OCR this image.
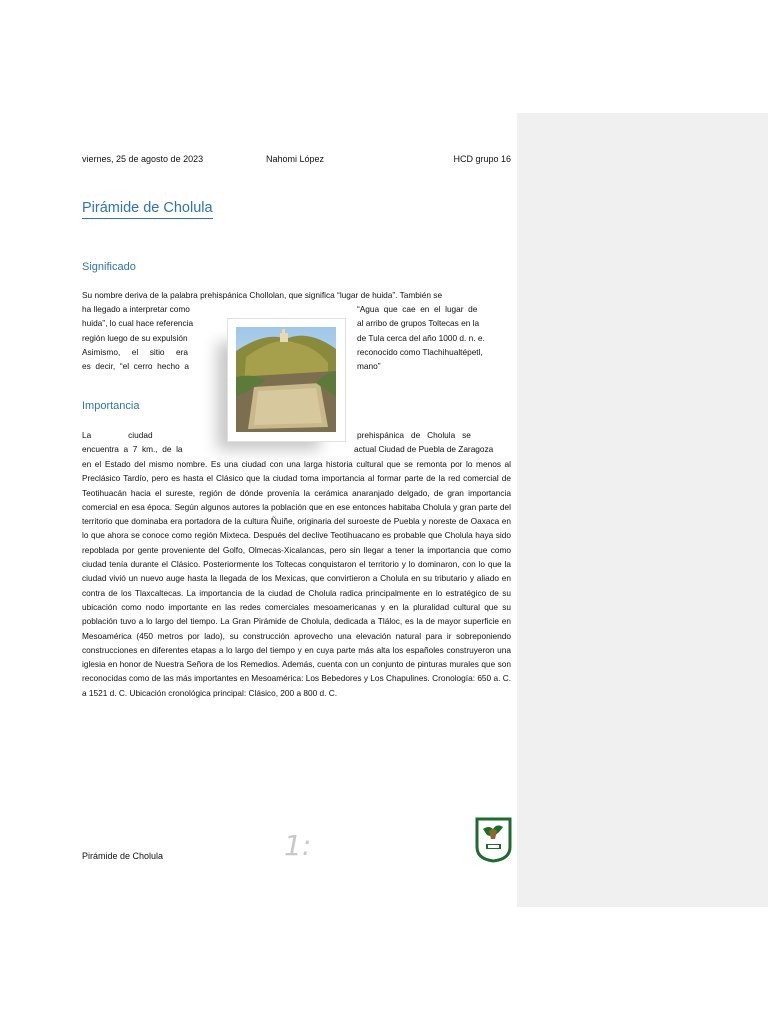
viernes, 25 de agosto de 2023	Nahomi López	HCD grupo 16
Pirámide de Cholula
Significado
Su nombre deriva de la palabra prehispánica Chollolan, que significa “lugar de huida”. También se
ha llegado a interpretar como
huida”, lo cual hace referencia
región luego de su expulsión
Asimismo,     el     sitio     era
es  decir,  “el  cerro  hecho  a
“Agua  que  cae  en  el  lugar  de
al arribo de grupos Toltecas en la
de Tula cerca del año 1000 d. n. e.
reconocido como Tlachihualtépetl,
mano”
Importancia
La                ciudad	prehispánica   de   Cholula   se
encuentra  a  7  km.,  de  la	actual Ciudad de Puebla de Zaragoza
en el Estado del mismo nombre. Es una ciudad con una larga historia cultural que se remonta por lo menos al Preclásico Tardío, pero es hasta el Clásico que la ciudad toma importancia al formar parte de la red comercial de Teotihuacán hacia el sureste, región de dónde provenía la cerámica anaranjado delgado, de gran importancia comercial en esa época. Según algunos autores la población que en ese entonces habitaba Cholula y gran parte del territorio que dominaba era portadora de la cultura Ñuiñe, originaria del suroeste de Puebla y noreste de Oaxaca en lo que ahora se conoce como región Mixteca. Después del declive Teotihuacano es probable que Cholula haya sido repoblada por gente proveniente del Golfo, Olmecas-Xicalancas, pero sin llegar a tener la importancia que como ciudad tenía durante el Clásico. Posteriormente los Toltecas conquistaron el territorio y lo dominaron, con lo que la ciudad vivió un nuevo auge hasta la llegada de los Mexicas, que convirtieron a Cholula en su tributario y aliado en contra de los Tlaxcaltecas. La importancia de la ciudad de Cholula radica principalmente en lo estratégico de su ubicación como nodo importante en las redes comerciales mesoamericanas y en la pluralidad cultural que su población tuvo a lo largo del tiempo. La Gran Pirámide de Cholula, dedicada a Tláloc, es la de mayor superficie en Mesoamérica (450 metros por lado), su construcción aprovecho una elevación natural para ir sobreponiendo construcciones en diferentes etapas a lo largo del tiempo y en cuya parte más alta los españoles construyeron una iglesia en honor de Nuestra Señora de los Remedios. Además, cuenta con un conjunto de pinturas murales que son reconocidas como de las más importantes en Mesoamérica: Los Bebedores y Los Chapulines. Cronología: 650 a. C. a 1521 d. C. Ubicación cronológica principal: Clásico, 200 a 800 d. C.
1:
Pirámide de Cholula
